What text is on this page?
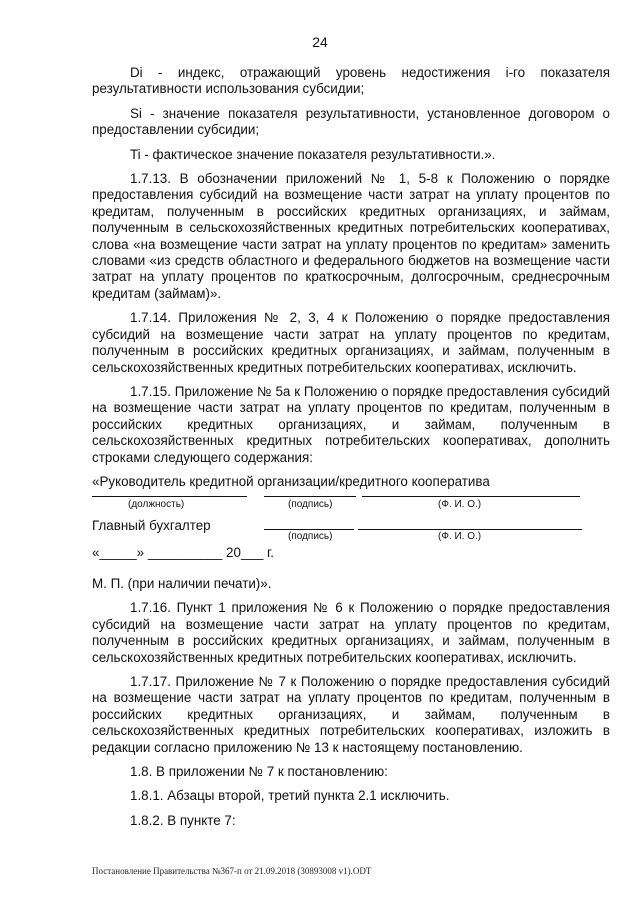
24

Di - индекс, отражающий уровень недостижения i-го показателя результативности использования субсидии;

Si - значение показателя результативности, установленное договором о предоставлении субсидии;

Ti - фактическое значение показателя результативности.».

1.7.13. В обозначении приложений № 1, 5-8 к Положению о порядке предоставления субсидий на возмещение части затрат на уплату процентов по кредитам, полученным в российских кредитных организациях, и займам, полученным в сельскохозяйственных кредитных потребительских кооперативах, слова «на возмещение части затрат на уплату процентов по кредитам» заменить словами «из средств областного и федерального бюджетов на возмещение части затрат на уплату процентов по краткосрочным, долгосрочным, среднесрочным кредитам (займам)».

1.7.14. Приложения № 2, 3, 4 к Положению о порядке предоставления субсидий на возмещение части затрат на уплату процентов по кредитам, полученным в российских кредитных организациях, и займам, полученным в сельскохозяйственных кредитных потребительских кооперативах, исключить.

1.7.15. Приложение № 5а к Положению о порядке предоставления субсидий на возмещение части затрат на уплату процентов по кредитам, полученным в российских кредитных организациях, и займам, полученным в сельскохозяйственных кредитных потребительских кооперативах, дополнить строками следующего содержания:

«Руководитель кредитной организации/кредитного кооператива
(должность)	(подпись)	(Ф. И. О.)
Главный бухгалтер
(подпись)	(Ф. И. О.)
«_____» __________ 20___ г.

М. П. (при наличии печати)».

1.7.16. Пункт 1 приложения № 6 к Положению о порядке предоставления субсидий на возмещение части затрат на уплату процентов по кредитам, полученным в российских кредитных организациях, и займам, полученным в сельскохозяйственных кредитных потребительских кооперативах, исключить.

1.7.17. Приложение № 7 к Положению о порядке предоставления субсидий на возмещение части затрат на уплату процентов по кредитам, полученным в российских кредитных организациях, и займам, полученным в сельскохозяйственных кредитных потребительских кооперативах, изложить в редакции согласно приложению № 13 к настоящему постановлению.

1.8. В приложении № 7 к постановлению:

1.8.1. Абзацы второй, третий пункта 2.1 исключить.

1.8.2. В пункте 7:

Постановление Правительства №367-п от 21.09.2018 (30893008 v1).ODT
